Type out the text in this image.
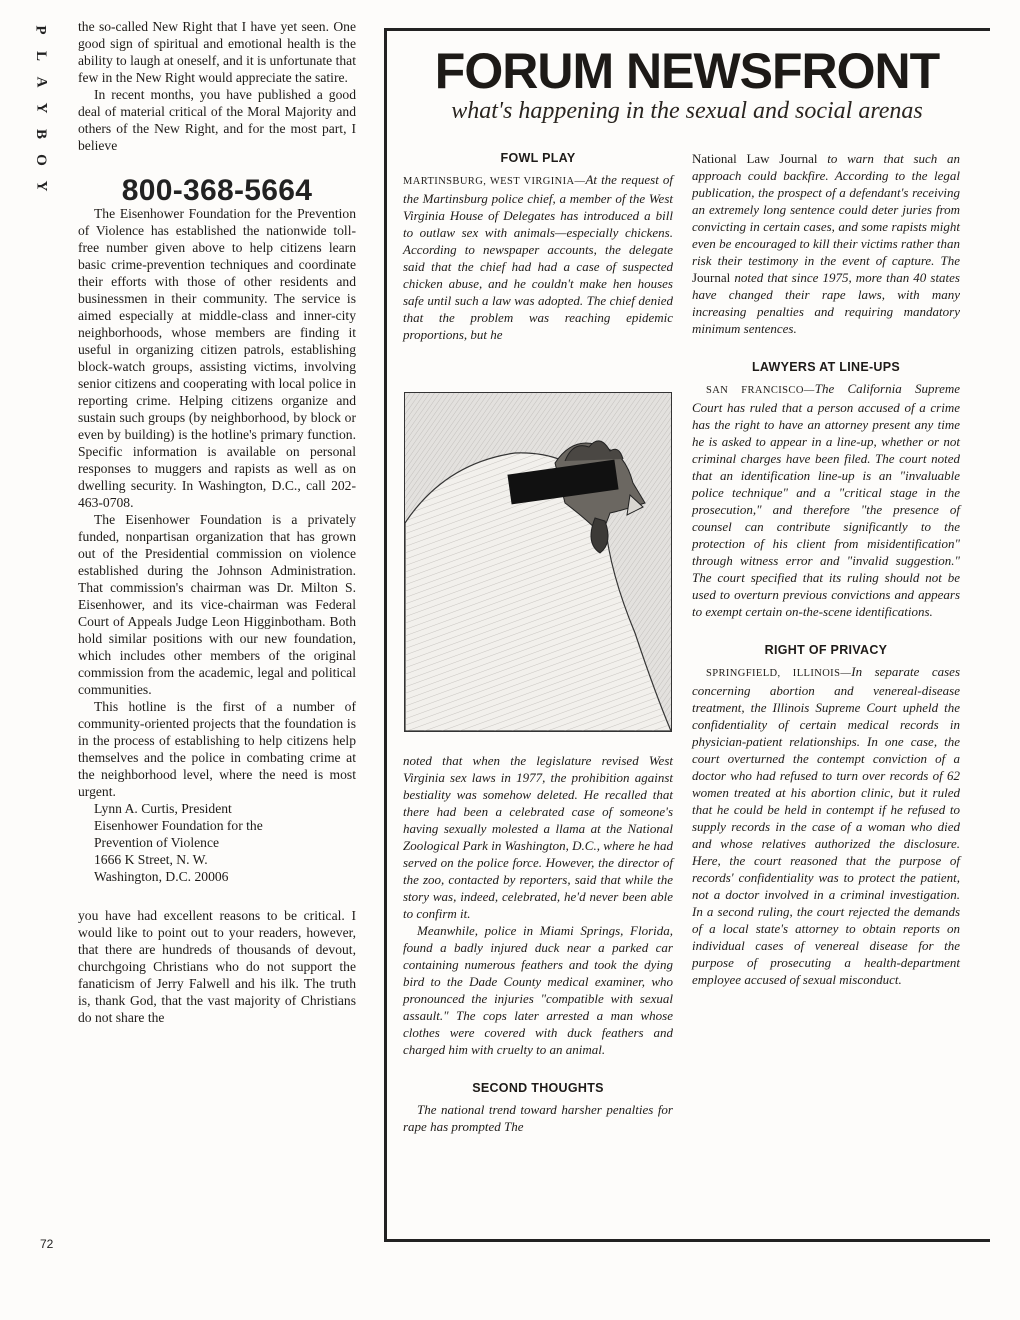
P
L
A
Y
B
O
Y

the so-called New Right that I have yet seen. One good sign of spiritual and emotional health is the ability to laugh at oneself, and it is unfortunate that few in the New Right would appreciate the satire.

In recent months, you have published a good deal of material critical of the Moral Majority and others of the New Right, and for the most part, I believe

800-368-5664

The Eisenhower Foundation for the Prevention of Violence has established the nationwide toll-free number given above to help citizens learn basic crime-prevention techniques and coordinate their efforts with those of other residents and businessmen in their community. The service is aimed especially at middle-class and inner-city neighborhoods, whose members are finding it useful in organizing citizen patrols, establishing block-watch groups, assisting victims, involving senior citizens and cooperating with local police in reporting crime. Helping citizens organize and sustain such groups (by neighborhood, by block or even by building) is the hotline's primary function. Specific information is available on personal responses to muggers and rapists as well as on dwelling security. In Washington, D.C., call 202-463-0708.

The Eisenhower Foundation is a privately funded, nonpartisan organization that has grown out of the Presidential commission on violence established during the Johnson Administration. That commission's chairman was Dr. Milton S. Eisenhower, and its vice-chairman was Federal Court of Appeals Judge Leon Higginbotham. Both hold similar positions with our new foundation, which includes other members of the original commission from the academic, legal and political communities.

This hotline is the first of a number of community-oriented projects that the foundation is in the process of establishing to help citizens help themselves and the police in combating crime at the neighborhood level, where the need is most urgent.

Lynn A. Curtis, President

Eisenhower Foundation for the

Prevention of Violence

1666 K Street, N. W.

Washington, D.C. 20006

you have had excellent reasons to be critical. I would like to point out to your readers, however, that there are hundreds of thousands of devout, churchgoing Christians who do not support the fanaticism of Jerry Falwell and his ilk. The truth is, thank God, that the vast majority of Christians do not share the

72
FORUM NEWSFRONT
what's happening in the sexual and social arenas
FOWL PLAY

MARTINSBURG, WEST VIRGINIA—At the request of the Martinsburg police chief, a member of the West Virginia House of Delegates has introduced a bill to outlaw sex with animals—especially chickens. According to newspaper accounts, the delegate said that the chief had had a case of suspected chicken abuse, and he couldn't make hen houses safe until such a law was adopted. The chief denied that the problem was reaching epidemic proportions, but he

noted that when the legislature revised West Virginia sex laws in 1977, the prohibition against bestiality was somehow deleted. He recalled that there had been a celebrated case of someone's having sexually molested a llama at the National Zoological Park in Washington, D.C., where he had served on the police force. However, the director of the zoo, contacted by reporters, said that while the story was, indeed, celebrated, he'd never been able to confirm it.

Meanwhile, police in Miami Springs, Florida, found a badly injured duck near a parked car containing numerous feathers and took the dying bird to the Dade County medical examiner, who pronounced the injuries "compatible with sexual assault." The cops later arrested a man whose clothes were covered with duck feathers and charged him with cruelty to an animal.

SECOND THOUGHTS

The national trend toward harsher penalties for rape has prompted The

National Law Journal to warn that such an approach could backfire. According to the legal publication, the prospect of a defendant's receiving an extremely long sentence could deter juries from convicting in certain cases, and some rapists might even be encouraged to kill their victims rather than risk their testimony in the event of capture. The Journal noted that since 1975, more than 40 states have changed their rape laws, with many increasing penalties and requiring mandatory minimum sentences.

LAWYERS AT LINE-UPS

SAN FRANCISCO—The California Supreme Court has ruled that a person accused of a crime has the right to have an attorney present any time he is asked to appear in a line-up, whether or not criminal charges have been filed. The court noted that an identification line-up is an "invaluable police technique" and a "critical stage in the prosecution," and therefore "the presence of counsel can contribute significantly to the protection of his client from misidentification" through witness error and "invalid suggestion." The court specified that its ruling should not be used to overturn previous convictions and appears to exempt certain on-the-scene identifications.

RIGHT OF PRIVACY

SPRINGFIELD, ILLINOIS—In separate cases concerning abortion and venereal-disease treatment, the Illinois Supreme Court upheld the confidentiality of certain medical records in physician-patient relationships. In one case, the court overturned the contempt conviction of a doctor who had refused to turn over records of 62 women treated at his abortion clinic, but it ruled that he could be held in contempt if he refused to supply records in the case of a woman who died and whose relatives authorized the disclosure. Here, the court reasoned that the purpose of records' confidentiality was to protect the patient, not a doctor involved in a criminal investigation. In a second ruling, the court rejected the demands of a local state's attorney to obtain reports on individual cases of venereal disease for the purpose of prosecuting a health-department employee accused of sexual misconduct.
